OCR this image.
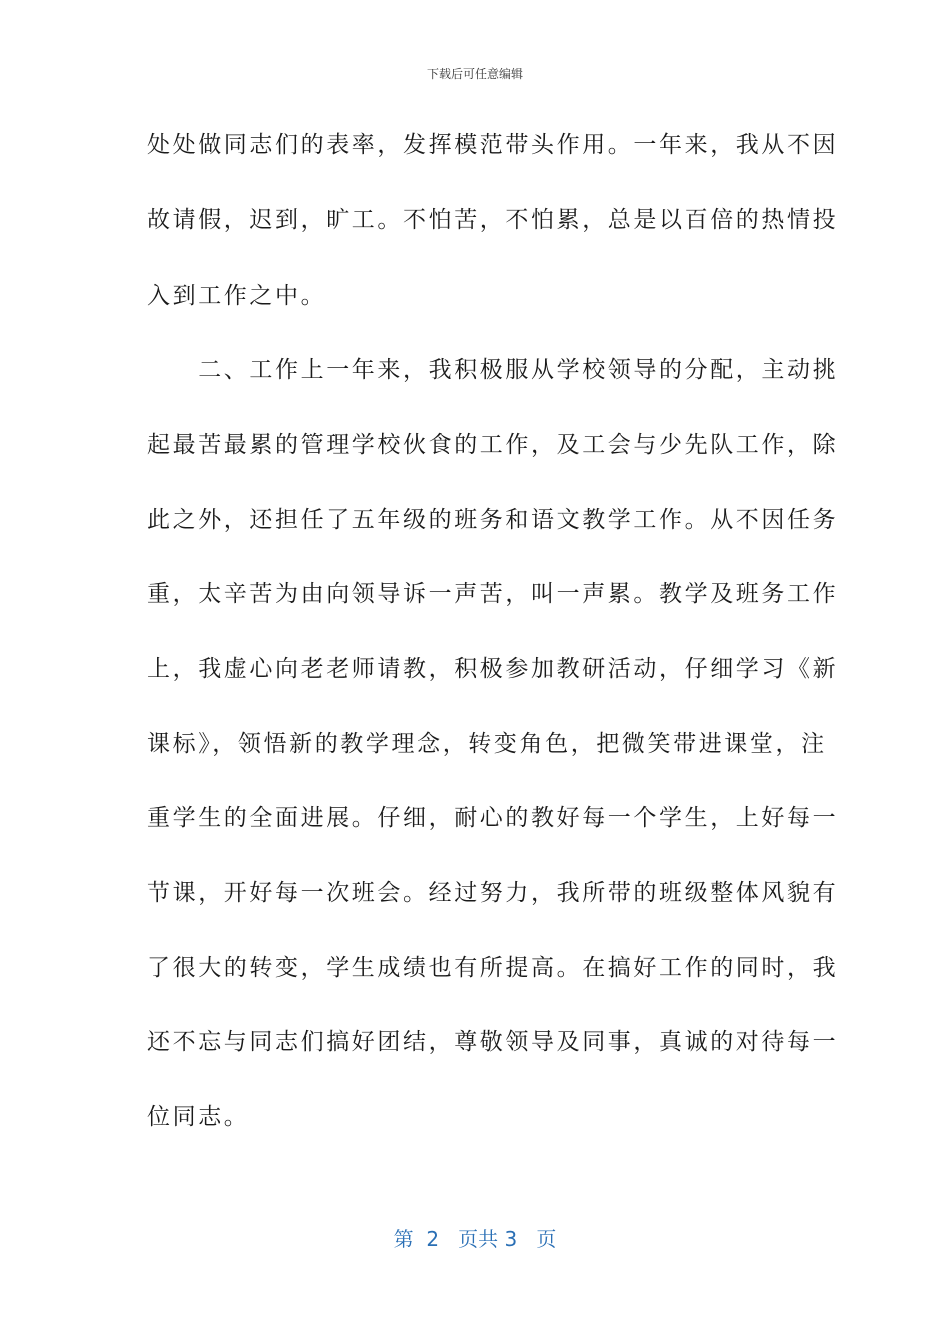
下载后可任意编辑
处处做同志们的表率，发挥模范带头作用。一年来，我从不因
故请假，迟到，旷工。不怕苦，不怕累，总是以百倍的热情投
入到工作之中。
　　二、工作上一年来，我积极服从学校领导的分配，主动挑
起最苦最累的管理学校伙食的工作，及工会与少先队工作，除
此之外，还担任了五年级的班务和语文教学工作。从不因任务
重，太辛苦为由向领导诉一声苦，叫一声累。教学及班务工作
上，我虚心向老老师请教，积极参加教研活动，仔细学习《新
课标》，领悟新的教学理念，转变角色，把微笑带进课堂，注
重学生的全面进展。仔细，耐心的教好每一个学生，上好每一
节课，开好每一次班会。经过努力，我所带的班级整体风貌有
了很大的转变，学生成绩也有所提高。在搞好工作的同时，我
还不忘与同志们搞好团结，尊敬领导及同事，真诚的对待每一
位同志。
第  2   页共 3   页
